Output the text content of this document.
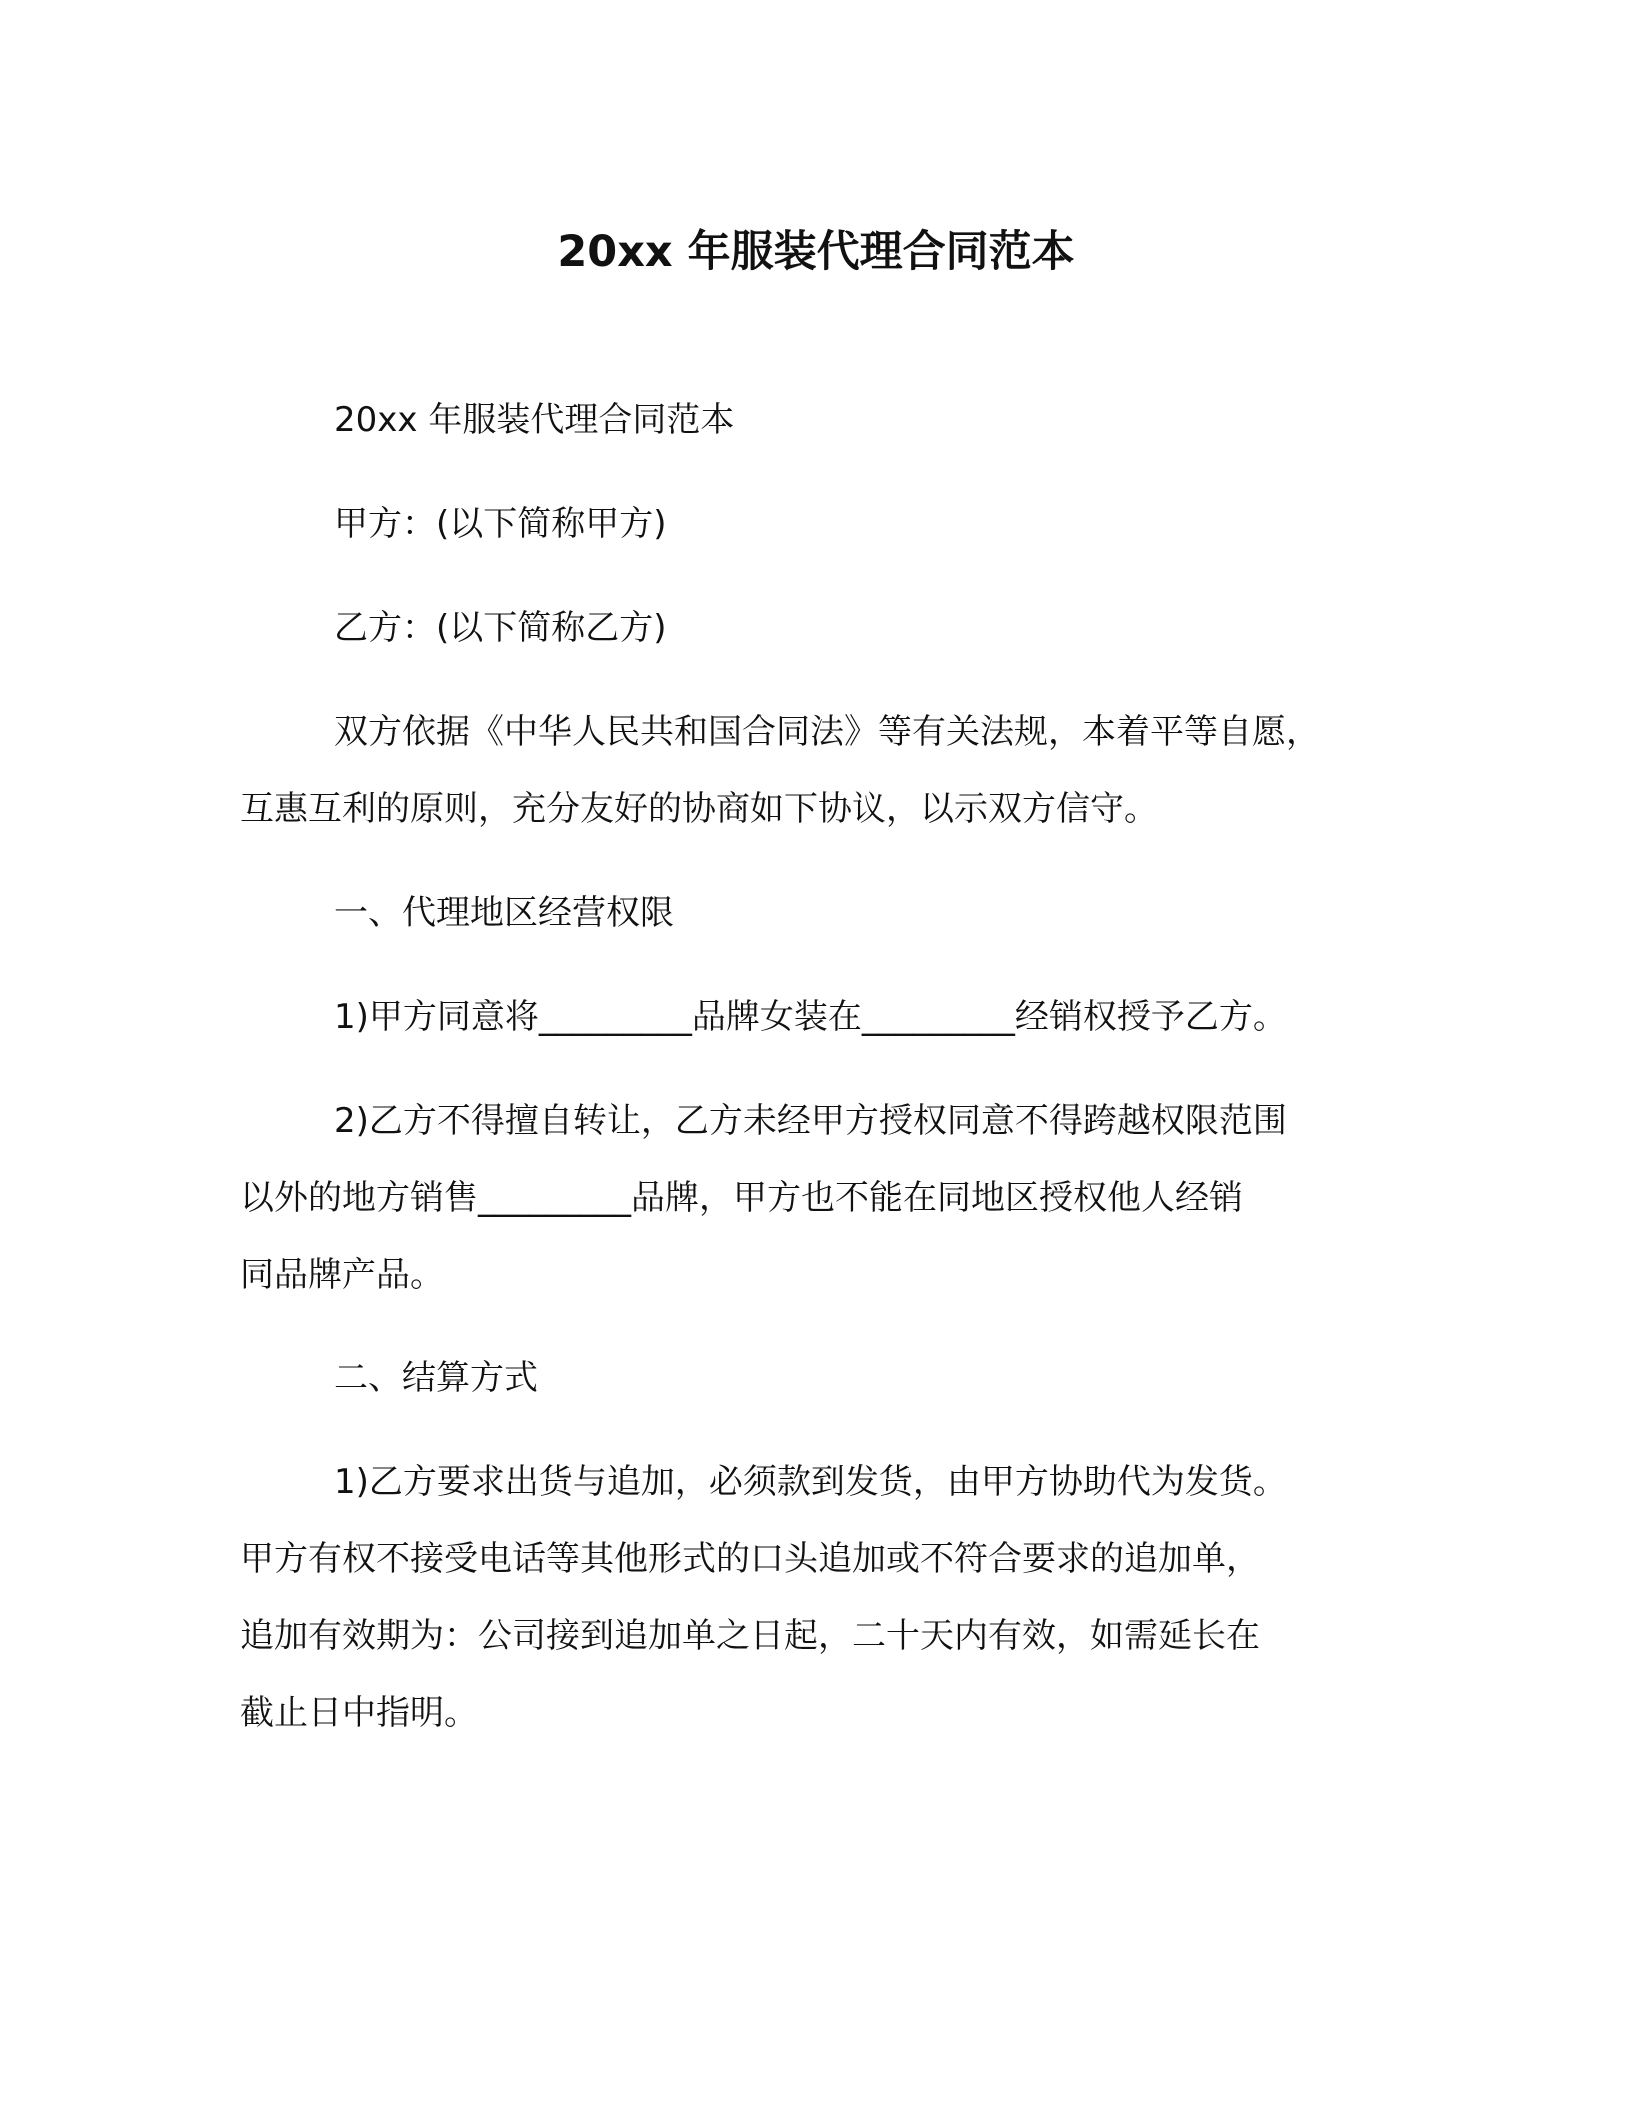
20xx 年服装代理合同范本

20xx 年服装代理合同范本

甲方：(以下简称甲方)

乙方：(以下简称乙方)

双方依据《中华人民共和国合同法》等有关法规，本着平等自愿，
互惠互利的原则，充分友好的协商如下协议，以示双方信守。

一、代理地区经营权限

1)甲方同意将_________品牌女装在_________经销权授予乙方。

2)乙方不得擅自转让，乙方未经甲方授权同意不得跨越权限范围
以外的地方销售_________品牌，甲方也不能在同地区授权他人经销
同品牌产品。

二、结算方式

1)乙方要求出货与追加，必须款到发货，由甲方协助代为发货。
甲方有权不接受电话等其他形式的口头追加或不符合要求的追加单，
追加有效期为：公司接到追加单之日起，二十天内有效，如需延长在
截止日中指明。
